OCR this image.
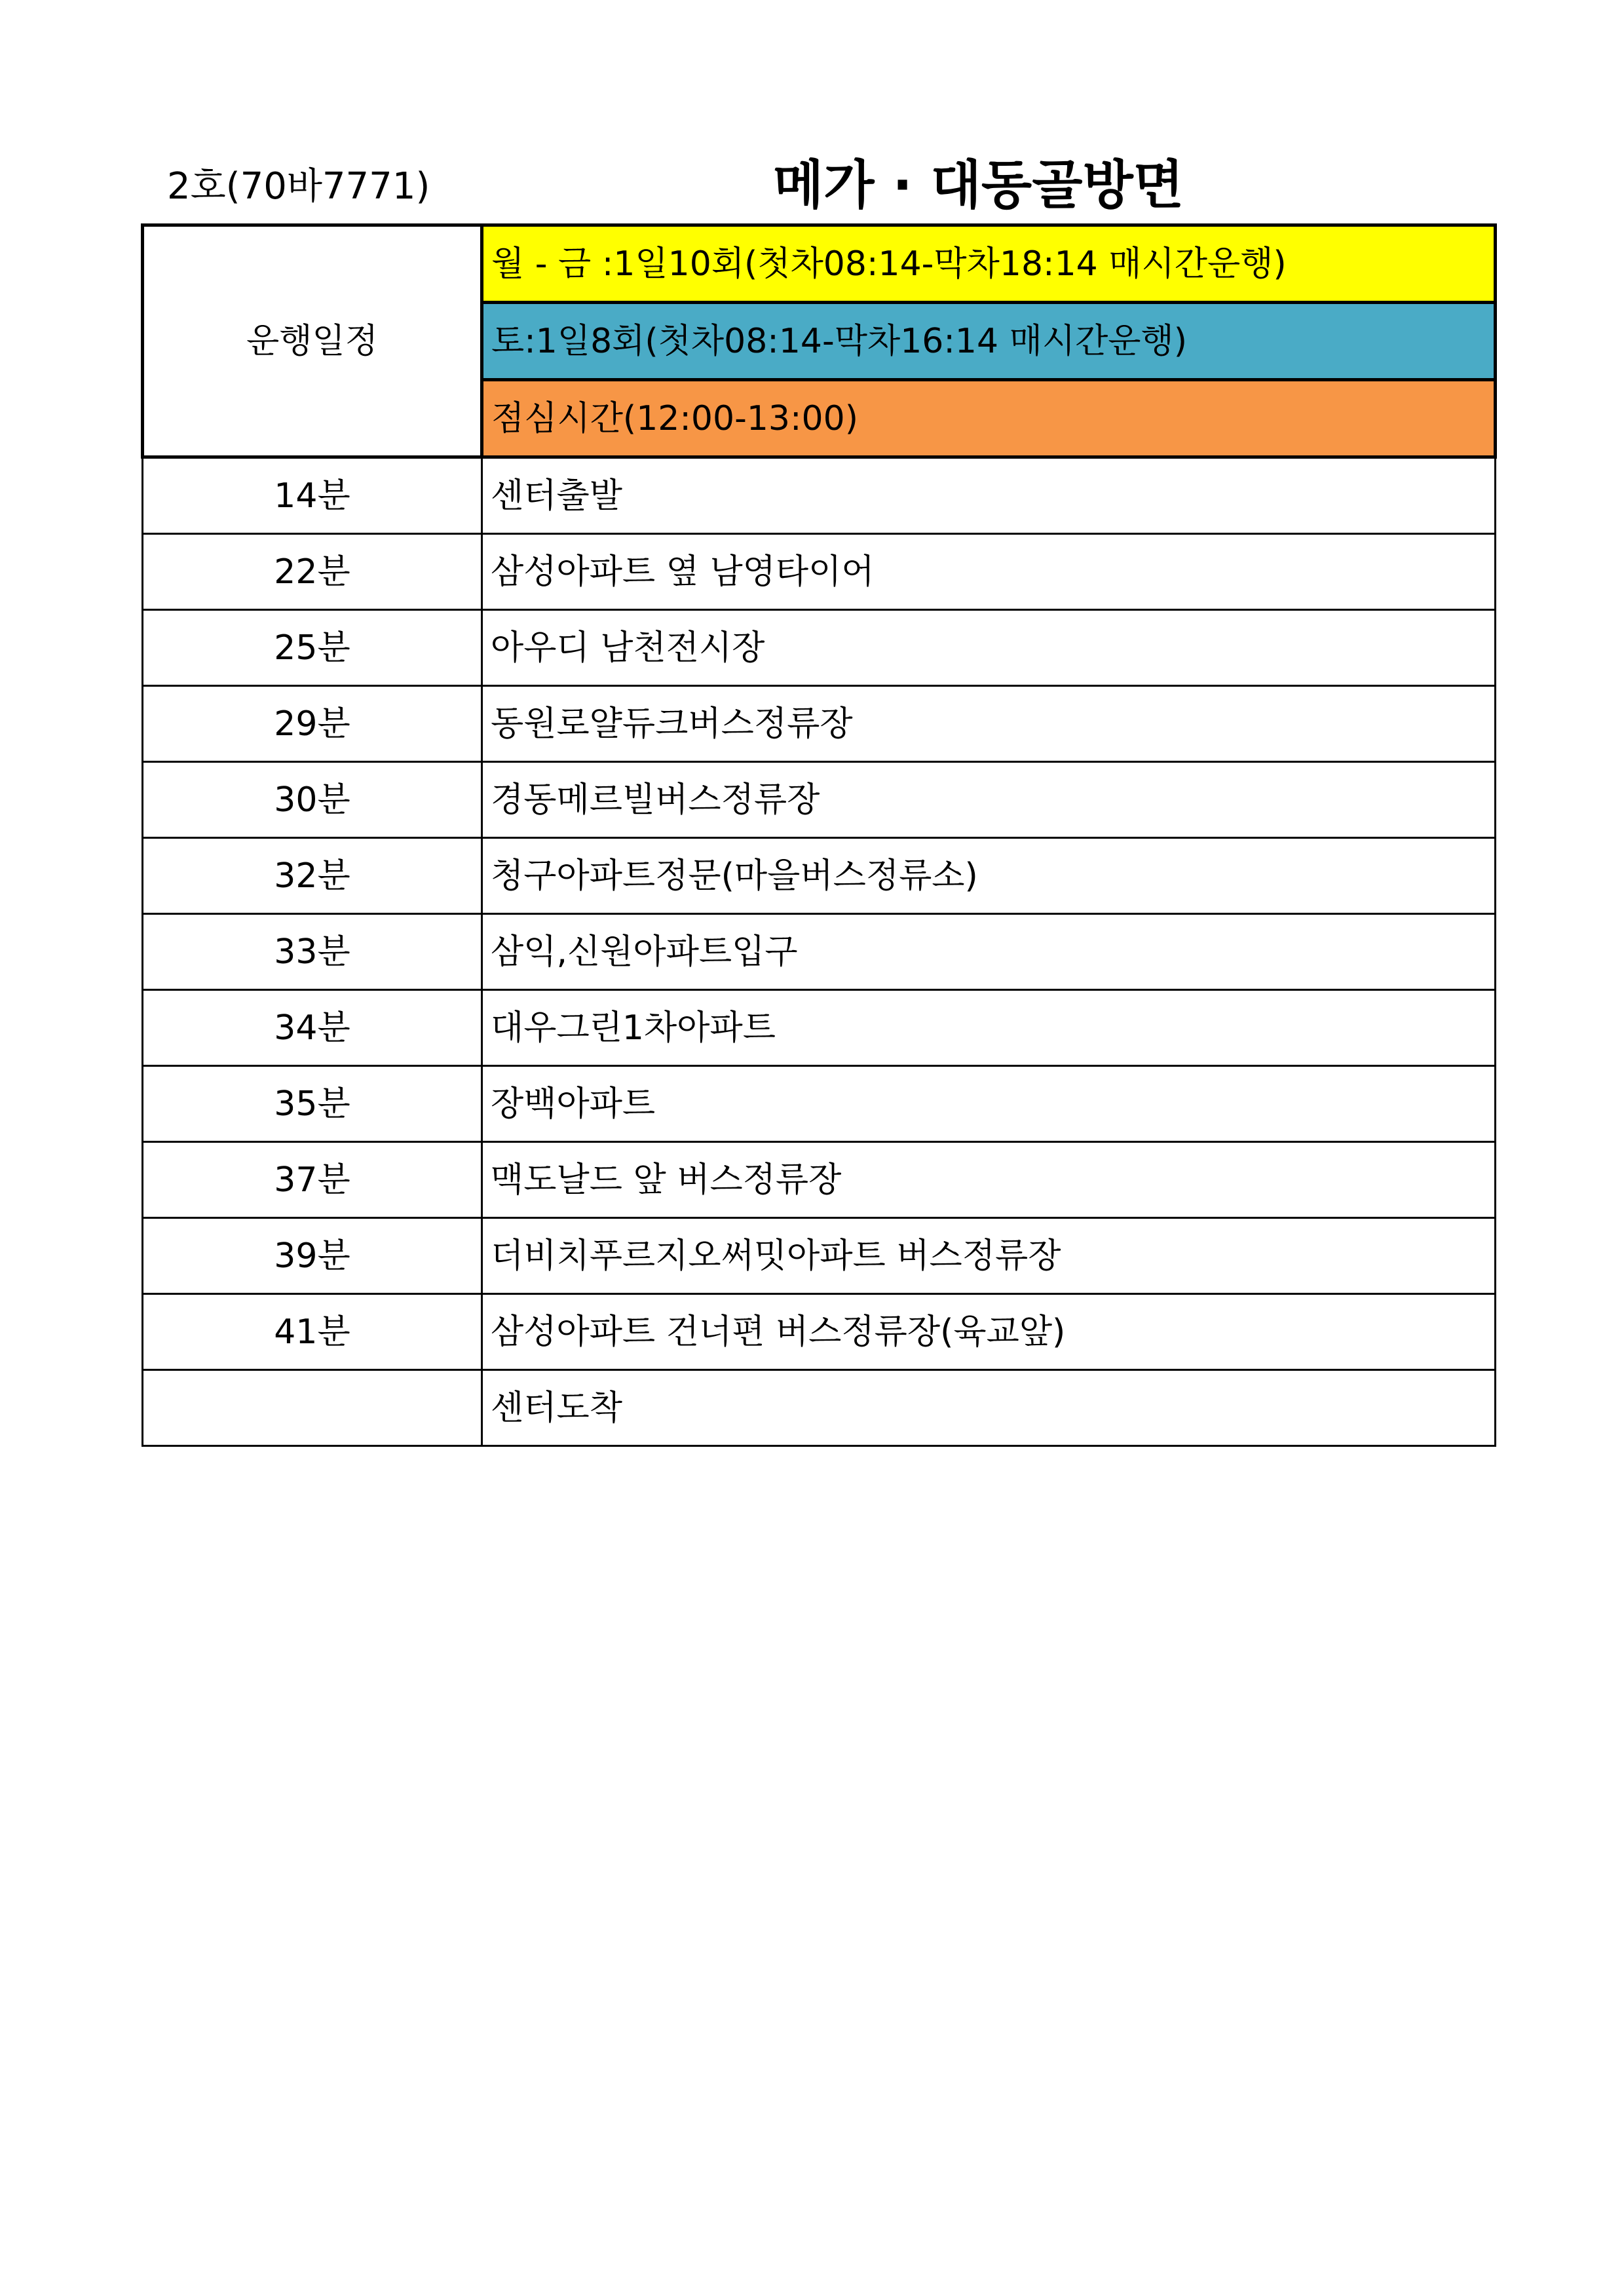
2호(70바7771)	메가 · 대동골방면
운행일정	월 - 금 :1일10회(첫차08:14-막차18:14 매시간운행)
	토:1일8회(첫차08:14-막차16:14 매시간운행)
	점심시간(12:00-13:00)
14분	센터출발
22분	삼성아파트 옆 남영타이어
25분	아우디 남천전시장
29분	동원로얄듀크버스정류장
30분	경동메르빌버스정류장
32분	청구아파트정문(마을버스정류소)
33분	삼익,신원아파트입구
34분	대우그린1차아파트
35분	장백아파트
37분	맥도날드 앞 버스정류장
39분	더비치푸르지오써밋아파트 버스정류장
41분	삼성아파트 건너편 버스정류장(육교앞)
	센터도착
